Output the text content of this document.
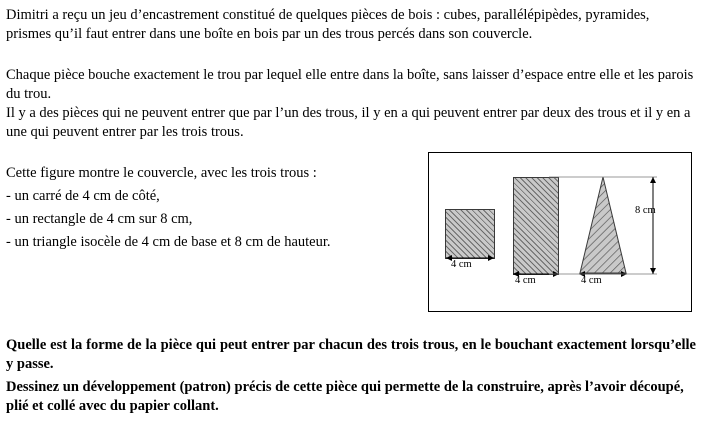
Dimitri a reçu un jeu d’encastrement constitué de quelques pièces de bois : cubes, parallélépipèdes, pyramides, prismes qu’il faut entrer dans une boîte en bois par un des trous percés dans son couvercle.
Chaque pièce bouche exactement le trou par lequel elle entre dans la boîte, sans laisser d’espace entre elle et les parois du trou.
Il y a des pièces qui ne peuvent entrer que par l’un des trous, il y en a qui peuvent entrer par deux des trous et il y en a une qui peuvent entrer par les trois trous.
Cette figure montre le couvercle, avec les trois trous :
- un carré de 4 cm de côté,
- un rectangle de 4 cm sur 8 cm,
- un triangle isocèle de 4 cm de base et 8 cm de hauteur.
4 cm
4 cm	4 cm
8 cm
Quelle est la forme de la pièce qui peut entrer par chacun des trois trous, en le bouchant exactement lorsqu’elle y passe.
Dessinez un développement (patron) précis de cette pièce qui permette de la construire, après l’avoir découpé, plié et collé avec du papier collant.
